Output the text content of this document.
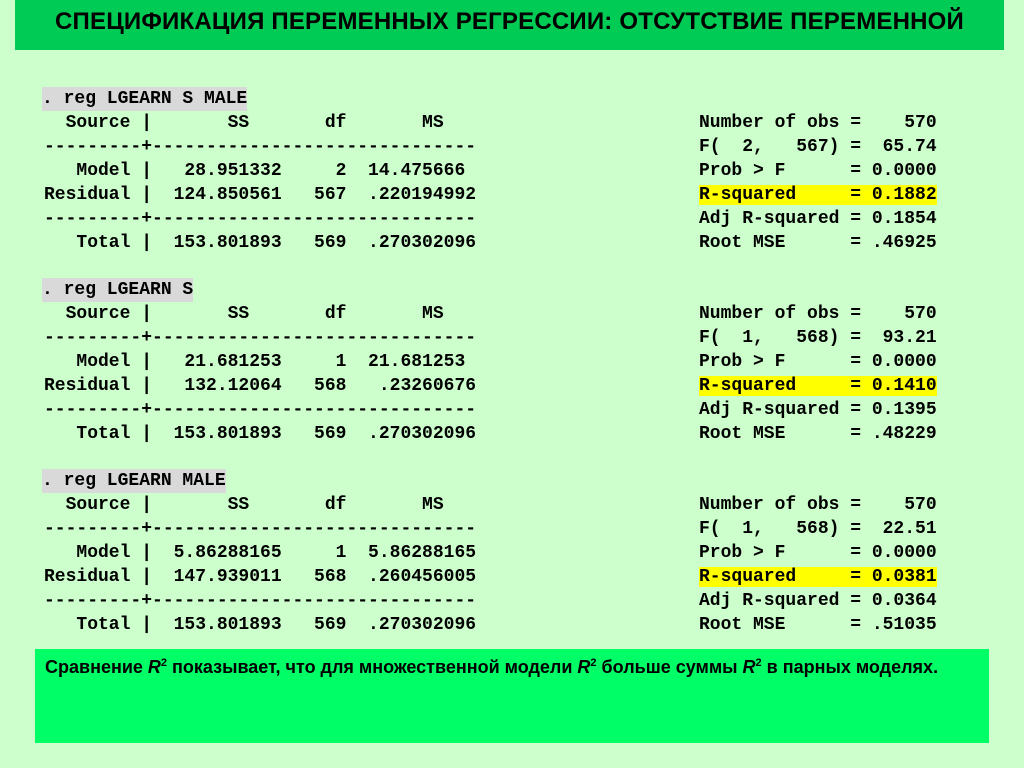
СПЕЦИФИКАЦИЯ ПЕРЕМЕННЫХ РЕГРЕССИИ: ОТСУТСТВИЕ ПЕРЕМЕННОЙ
. reg LGEARN S MALE
Source |       SS       df       MS
---------+------------------------------
Model |   28.951332     2  14.475666
Residual |  124.850561   567  .220194992
---------+------------------------------
Total |  153.801893   569  .270302096
Number of obs =    570
F(  2,   567) =  65.74
Prob > F      = 0.0000
R-squared     = 0.1882
Adj R-squared = 0.1854
Root MSE      = .46925
. reg LGEARN S
Source |       SS       df       MS
---------+------------------------------
Model |   21.681253     1  21.681253
Residual |   132.12064   568   .23260676
---------+------------------------------
Total |  153.801893   569  .270302096
Number of obs =    570
F(  1,   568) =  93.21
Prob > F      = 0.0000
R-squared     = 0.1410
Adj R-squared = 0.1395
Root MSE      = .48229
. reg LGEARN MALE
Source |       SS       df       MS
---------+------------------------------
Model |  5.86288165     1  5.86288165
Residual |  147.939011   568  .260456005
---------+------------------------------
Total |  153.801893   569  .270302096
Number of obs =    570
F(  1,   568) =  22.51
Prob > F      = 0.0000
R-squared     = 0.0381
Adj R-squared = 0.0364
Root MSE      = .51035
Сравнение $R^2$ показывает, что для множественной модели $R^2$ больше суммы $R^2$ в парных моделях.
